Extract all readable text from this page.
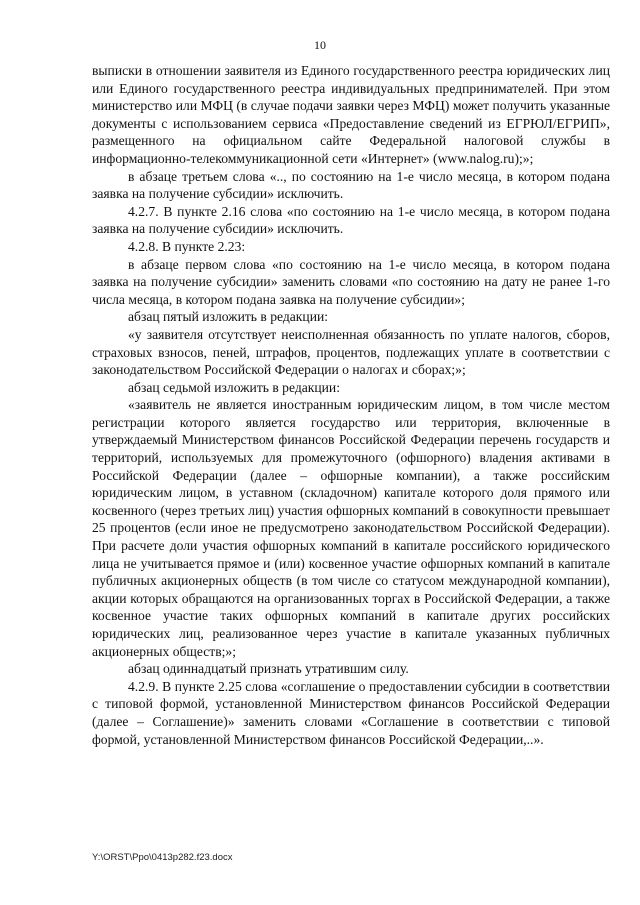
10

выписки в отношении заявителя из Единого государственного реестра юридических лиц или Единого государственного реестра индивидуальных предпринимателей. При этом министерство или МФЦ (в случае подачи заявки через МФЦ) может получить указанные документы с использованием сервиса «Предоставление сведений из ЕГРЮЛ/ЕГРИП», размещенного на официальном сайте Федеральной налоговой службы в информационно-телекоммуникационной сети «Интернет» (www.nalog.ru);»;

в абзаце третьем слова «.., по состоянию на 1-е число месяца, в котором подана заявка на получение субсидии» исключить.

4.2.7. В пункте 2.16 слова «по состоянию на 1-е число месяца, в котором подана заявка на получение субсидии» исключить.

4.2.8. В пункте 2.23:

в абзаце первом слова «по состоянию на 1-е число месяца, в котором подана заявка на получение субсидии» заменить словами «по состоянию на дату не ранее 1-го числа месяца, в котором подана заявка на получение субсидии»;

абзац пятый изложить в редакции:

«у заявителя отсутствует неисполненная обязанность по уплате налогов, сборов, страховых взносов, пеней, штрафов, процентов, подлежащих уплате в соответствии с законодательством Российской Федерации о налогах и сборах;»;

абзац седьмой изложить в редакции:

«заявитель не является иностранным юридическим лицом, в том числе местом регистрации которого является государство или территория, включенные в утверждаемый Министерством финансов Российской Федерации перечень государств и территорий, используемых для промежуточного (офшорного) владения активами в Российской Федерации (далее – офшорные компании), а также российским юридическим лицом, в уставном (складочном) капитале которого доля прямого или косвенного (через третьих лиц) участия офшорных компаний в совокупности превышает 25 процентов (если иное не предусмотрено законодательством Российской Федерации). При расчете доли участия офшорных компаний в капитале российского юридического лица не учитывается прямое и (или) косвенное участие офшорных компаний в капитале публичных акционерных обществ (в том числе со статусом международной компании), акции которых обращаются на организованных торгах в Российской Федерации, а также косвенное участие таких офшорных компаний в капитале других российских юридических лиц, реализованное через участие в капитале указанных публичных акционерных обществ;»;

абзац одиннадцатый признать утратившим силу.

4.2.9. В пункте 2.25 слова «соглашение о предоставлении субсидии в соответствии с типовой формой, установленной Министерством финансов Российской Федерации (далее – Соглашение)» заменить словами «Соглашение в соответствии с типовой формой, установленной Министерством финансов Российской Федерации,..».

Y:\ORST\Ppo\0413p282.f23.docx
